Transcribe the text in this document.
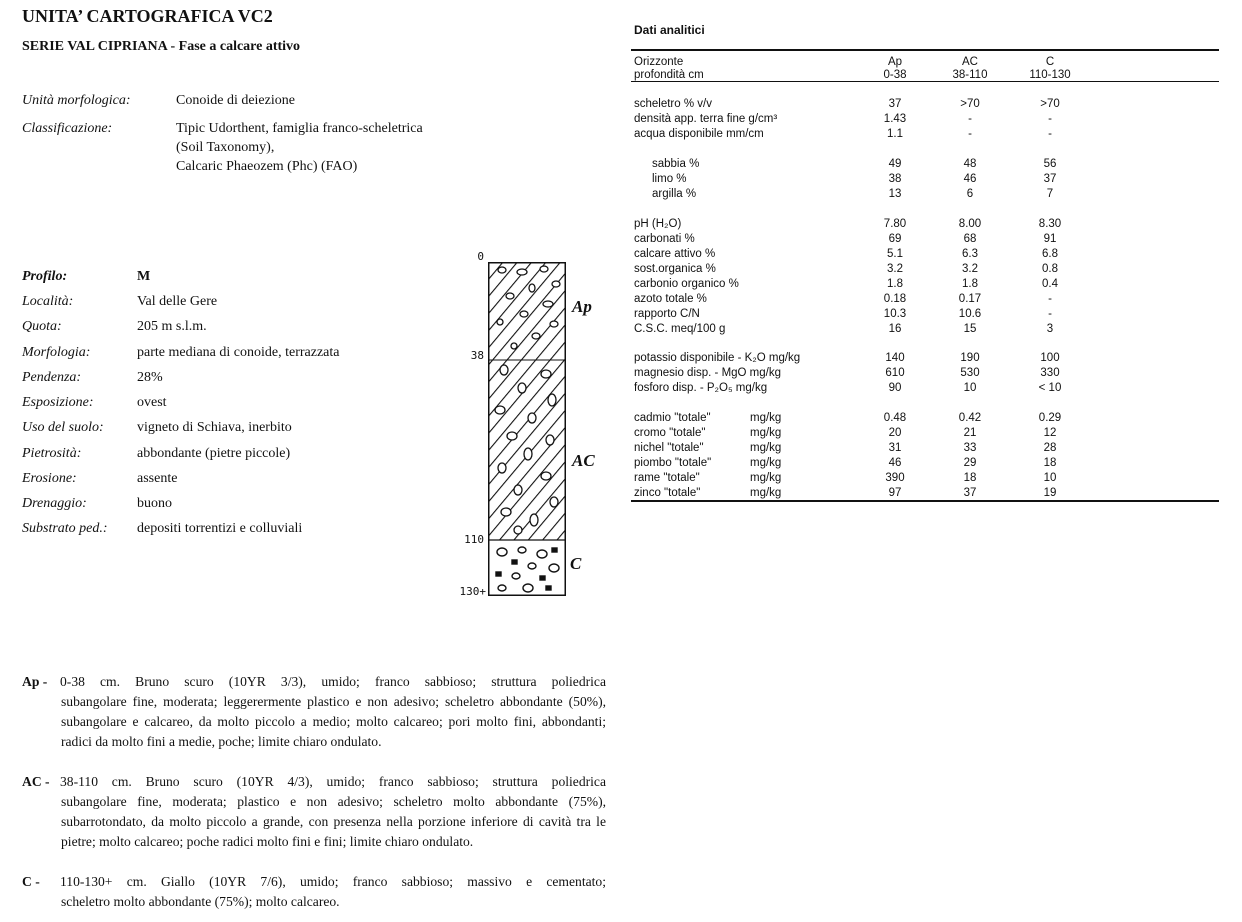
UNITA’ CARTOGRAFICA VC2
SERIE VAL CIPRIANA - Fase a calcare attivo
Unità morfologica:	Conoide di deiezione
Classificazione:	Tipic Udorthent, famiglia franco-scheletrica
(Soil Taxonomy),
Calcaric Phaeozem (Phc) (FAO)
Profilo:	M
Località:	Val delle Gere
Quota:	205 m s.l.m.
Morfologia:	parte mediana di conoide, terrazzata
Pendenza:	28%
Esposizione:	ovest
Uso del suolo: vigneto di Schiava, inerbito
Pietrosità:	abbondante (pietre piccole)
Erosione:	assente
Drenaggio:	buono
Substrato ped.: depositi torrentizi e colluviali
0
38
110
130+
Ap
AC
C
Ap - 0-38 cm. Bruno scuro (10YR 3/3), umido; franco sabbioso; struttura poliedrica
subangolare fine, moderata; leggerermente plastico e non adesivo; scheletro abbondante (50%), subangolare e calcareo, da molto piccolo a medio; molto calcareo; pori molto fini, abbondanti; radici da molto fini a medie, poche; limite chiaro ondulato.
AC - 38-110 cm. Bruno scuro (10YR 4/3), umido; franco sabbioso; struttura poliedrica
subangolare fine, moderata; plastico e non adesivo; scheletro molto abbondante (75%), subarrotondato, da molto piccolo a grande, con presenza nella porzione inferiore di cavità tra le pietre; molto calcareo; poche radici molto fini e fini; limite chiaro ondulato.
C - 110-130+ cm. Giallo (10YR 7/6), umido; franco sabbioso; massivo e cementato;
scheletro molto abbondante (75%); molto calcareo.
Dati analitici
Orizzonte	Ap	AC	C
profondità cm	0-38	38-110	110-130
scheletro % v/v	37	>70	>70
densità app. terra fine g/cm³	1.43	-	-
acqua disponibile mm/cm	1.1	-	-
sabbia %	49	48	56
limo %	38	46	37
argilla %	13	6	7
pH (H₂O)	7.80	8.00	8.30
carbonati %	69	68	91
calcare attivo %	5.1	6.3	6.8
sost.organica %	3.2	3.2	0.8
carbonio organico %	1.8	1.8	0.4
azoto totale %	0.18	0.17	-
rapporto C/N	10.3	10.6	-
C.S.C. meq/100 g	16	15	3
potassio disponibile - K₂O mg/kg	140	190	100
magnesio disp. - MgO mg/kg	610	530	330
fosforo disp. - P₂O₅ mg/kg	90	10	< 10
cadmio "totale"	mg/kg	0.48	0.42	0.29
cromo "totale"	mg/kg	20	21	12
nichel "totale"	mg/kg	31	33	28
piombo "totale"	mg/kg	46	29	18
rame "totale"	mg/kg	390	18	10
zinco "totale"	mg/kg	97	37	19
